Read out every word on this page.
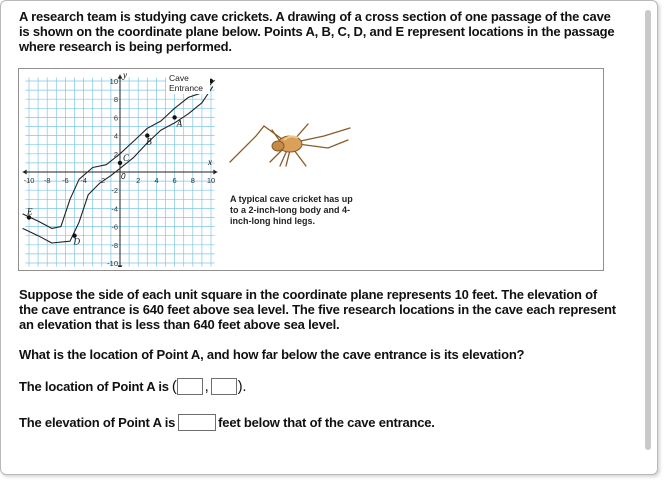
A research team is studying cave crickets. A drawing of a cross section of one passage of the cave is shown on the coordinate plane below. Points A, B, C, D, and E represent locations in the passage where research is being performed.
-10 -8 -6 -4 -2	2 4 6 8 10
10
8
6
4
2
-2
-4
-6
-8
-10
A
B
C
D
E
y
x
0
Cave
Entrance
A typical cave cricket has up to a 2-inch-long body and 4-inch-long hind legs.
Suppose the side of each unit square in the coordinate plane represents 10 feet. The elevation of the cave entrance is 640 feet above sea level. The five research locations in the cave each represent an elevation that is less than 640 feet above sea level.
What is the location of Point A, and how far below the cave entrance is its elevation?
The location of Point A is ( , ).
The elevation of Point A is	feet below that of the cave entrance.
